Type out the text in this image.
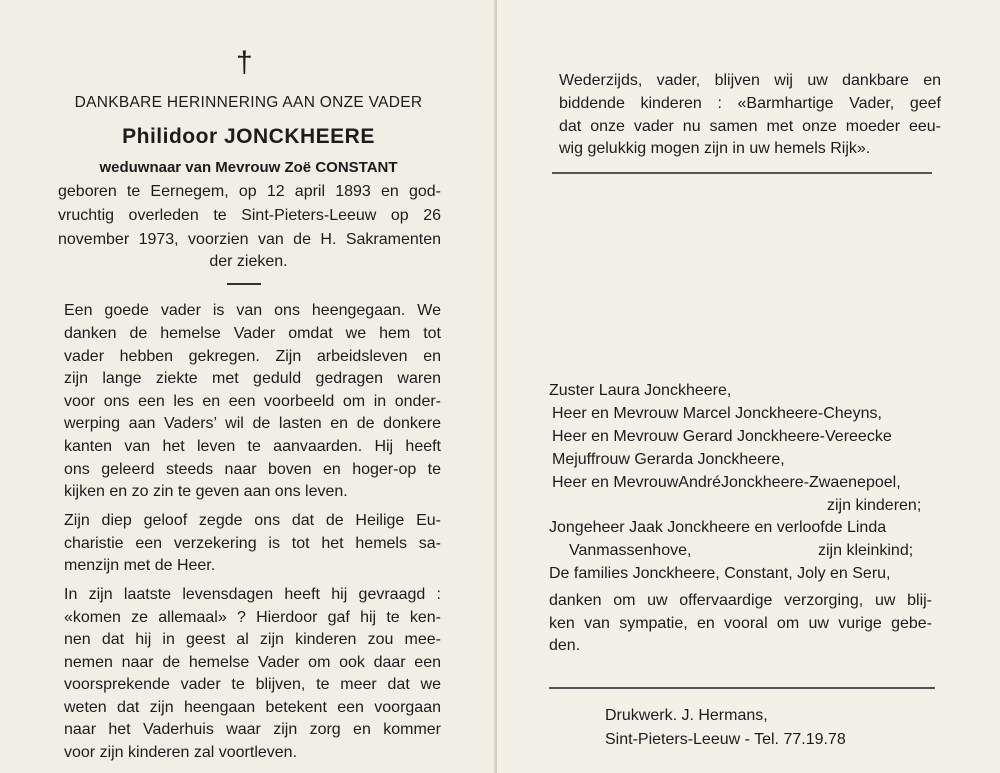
†
DANKBARE HERINNERING AAN ONZE VADER
Philidoor JONCKHEERE
weduwnaar van Mevrouw Zoë CONSTANT
geboren te Eernegem, op 12 april 1893 en god-
vruchtig overleden te Sint-Pieters-Leeuw op 26
november 1973, voorzien van de H. Sakramenten
der zieken.
Een goede vader is van ons heengegaan. We
danken de hemelse Vader omdat we hem tot
vader hebben gekregen. Zijn arbeidsleven en
zijn lange ziekte met geduld gedragen waren
voor ons een les en een voorbeeld om in onder-
werping aan Vaders’ wil de lasten en de donkere
kanten van het leven te aanvaarden. Hij heeft
ons geleerd steeds naar boven en hoger-op te
kijken en zo zin te geven aan ons leven.
Zijn diep geloof zegde ons dat de Heilige Eu-
charistie een verzekering is tot het hemels sa-
menzijn met de Heer.
In zijn laatste levensdagen heeft hij gevraagd :
«komen ze allemaal» ? Hierdoor gaf hij te ken-
nen dat hij in geest al zijn kinderen zou mee-
nemen naar de hemelse Vader om ook daar een
voorsprekende vader te blijven, te meer dat we
weten dat zijn heengaan betekent een voorgaan
naar het Vaderhuis waar zijn zorg en kommer
voor zijn kinderen zal voortleven.
Wederzijds, vader, blijven wij uw dankbare en
biddende kinderen : «Barmhartige Vader, geef
dat onze vader nu samen met onze moeder eeu-
wig gelukkig mogen zijn in uw hemels Rijk».
Zuster Laura Jonckheere,
Heer en Mevrouw Marcel Jonckheere-Cheyns,
Heer en Mevrouw Gerard Jonckheere-Vereecke
Mejuffrouw Gerarda Jonckheere,
Heer en MevrouwAndréJonckheere-Zwaenepoel,
zijn kinderen;
Jongeheer Jaak Jonckheere en verloofde Linda
Vanmassenhove,	zijn kleinkind;
De families Jonckheere, Constant, Joly en Seru,
danken om uw offervaardige verzorging, uw blij-
ken van sympatie, en vooral om uw vurige gebe-
den.
Drukwerk. J. Hermans,
Sint-Pieters-Leeuw - Tel. 77.19.78
